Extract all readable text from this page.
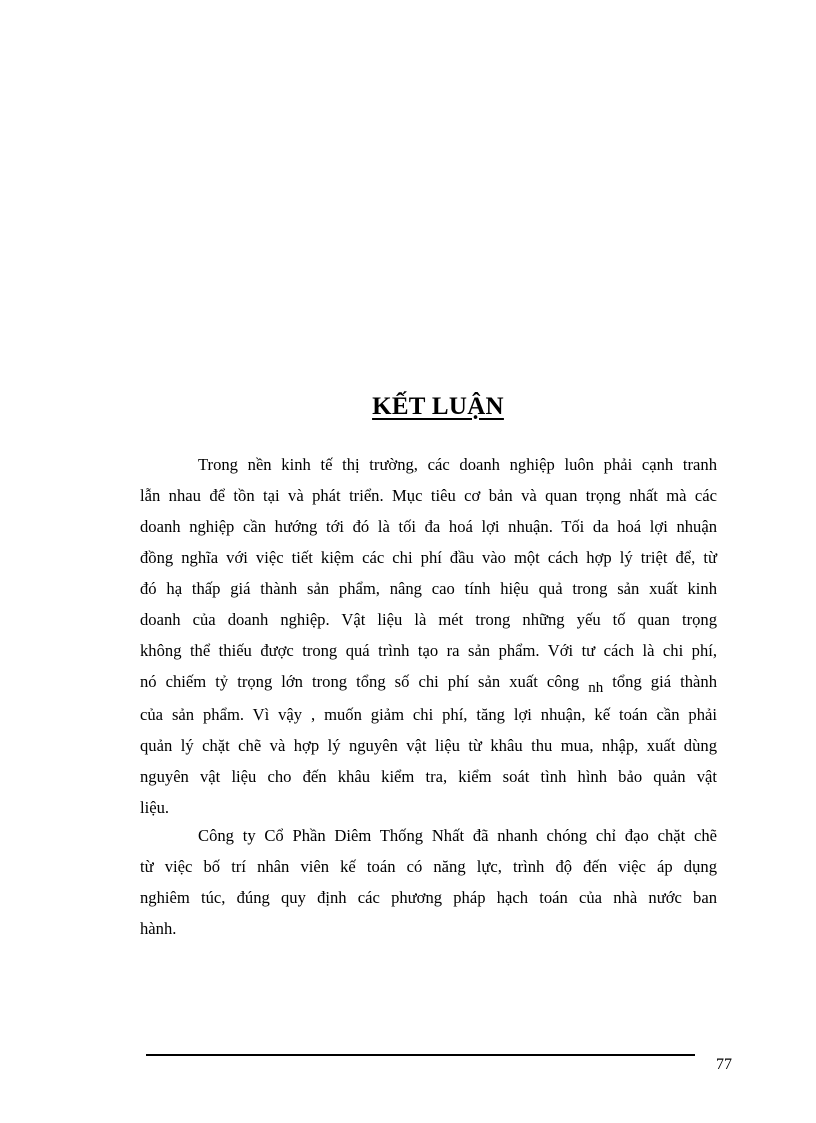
KẾT LUẬN
Trong nền kinh tế thị trường, các doanh nghiệp luôn phải cạnh tranh
lẫn nhau để tồn tại và phát triển. Mục tiêu cơ bản và quan trọng nhất mà các
doanh nghiệp cần hướng tới đó là tối đa hoá lợi nhuận. Tối da hoá lợi nhuận
đồng nghĩa với việc tiết kiệm các chi phí đầu vào một cách hợp lý triệt để, từ
đó hạ thấp giá thành sản phẩm, nâng cao tính hiệu quả trong sản xuất kinh
doanh của doanh nghiệp. Vật liệu là mét trong những yếu tố quan trọng
không thể thiếu được trong quá trình tạo ra sản phẩm. Với tư cách là chi phí,
nó chiếm tỷ trọng lớn trong tổng số chi phí sản xuất công nh tổng giá thành
của sản phẩm. Vì vậy , muốn giảm chi phí, tăng lợi nhuận, kế toán cần phải
quản lý chặt chẽ và hợp lý nguyên vật liệu từ khâu thu mua, nhập, xuất dùng
nguyên vật liệu cho đến khâu kiểm tra, kiểm soát tình hình bảo quản vật
liệu.
Công ty Cổ Phần Diêm Thống Nhất đã nhanh chóng chỉ đạo chặt chẽ
từ việc bố trí nhân viên kế toán có năng lực, trình độ đến việc áp dụng
nghiêm túc, đúng quy định các phương pháp hạch toán của nhà nước ban
hành.
77
